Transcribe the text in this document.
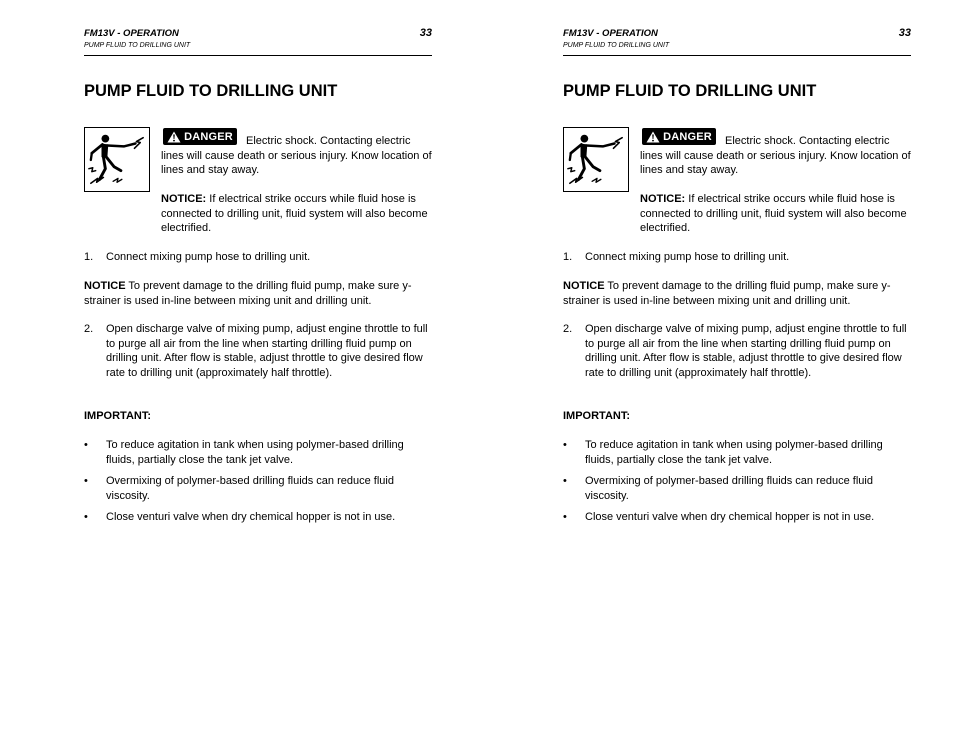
FM13V - OPERATION
PUMP FLUID TO DRILLING UNIT
33
PUMP FLUID TO DRILLING UNIT
DANGER	Electric shock. Contacting electric lines will cause death or serious injury. Know location of lines and stay away.

NOTICE: If electrical strike occurs while fluid hose is connected to drilling unit, fluid system will also become electrified.

1. Connect mixing pump hose to drilling unit.

NOTICE To prevent damage to the drilling fluid pump, make sure y-strainer is used in-line between mixing unit and drilling unit.

2. Open discharge valve of mixing pump, adjust engine throttle to full to purge all air from the line when starting drilling fluid pump on drilling unit. After flow is stable, adjust throttle to give desired flow rate to drilling unit (approximately half throttle).

IMPORTANT:

• To reduce agitation in tank when using polymer-based drilling fluids, partially close the tank jet valve.
• Overmixing of polymer-based drilling fluids can reduce fluid viscosity.
• Close venturi valve when dry chemical hopper is not in use.
FM13V - OPERATION
PUMP FLUID TO DRILLING UNIT
33
PUMP FLUID TO DRILLING UNIT
DANGER	Electric shock. Contacting electric lines will cause death or serious injury. Know location of lines and stay away.

NOTICE: If electrical strike occurs while fluid hose is connected to drilling unit, fluid system will also become electrified.

1. Connect mixing pump hose to drilling unit.

NOTICE To prevent damage to the drilling fluid pump, make sure y-strainer is used in-line between mixing unit and drilling unit.

2. Open discharge valve of mixing pump, adjust engine throttle to full to purge all air from the line when starting drilling fluid pump on drilling unit. After flow is stable, adjust throttle to give desired flow rate to drilling unit (approximately half throttle).

IMPORTANT:

• To reduce agitation in tank when using polymer-based drilling fluids, partially close the tank jet valve.
• Overmixing of polymer-based drilling fluids can reduce fluid viscosity.
• Close venturi valve when dry chemical hopper is not in use.
